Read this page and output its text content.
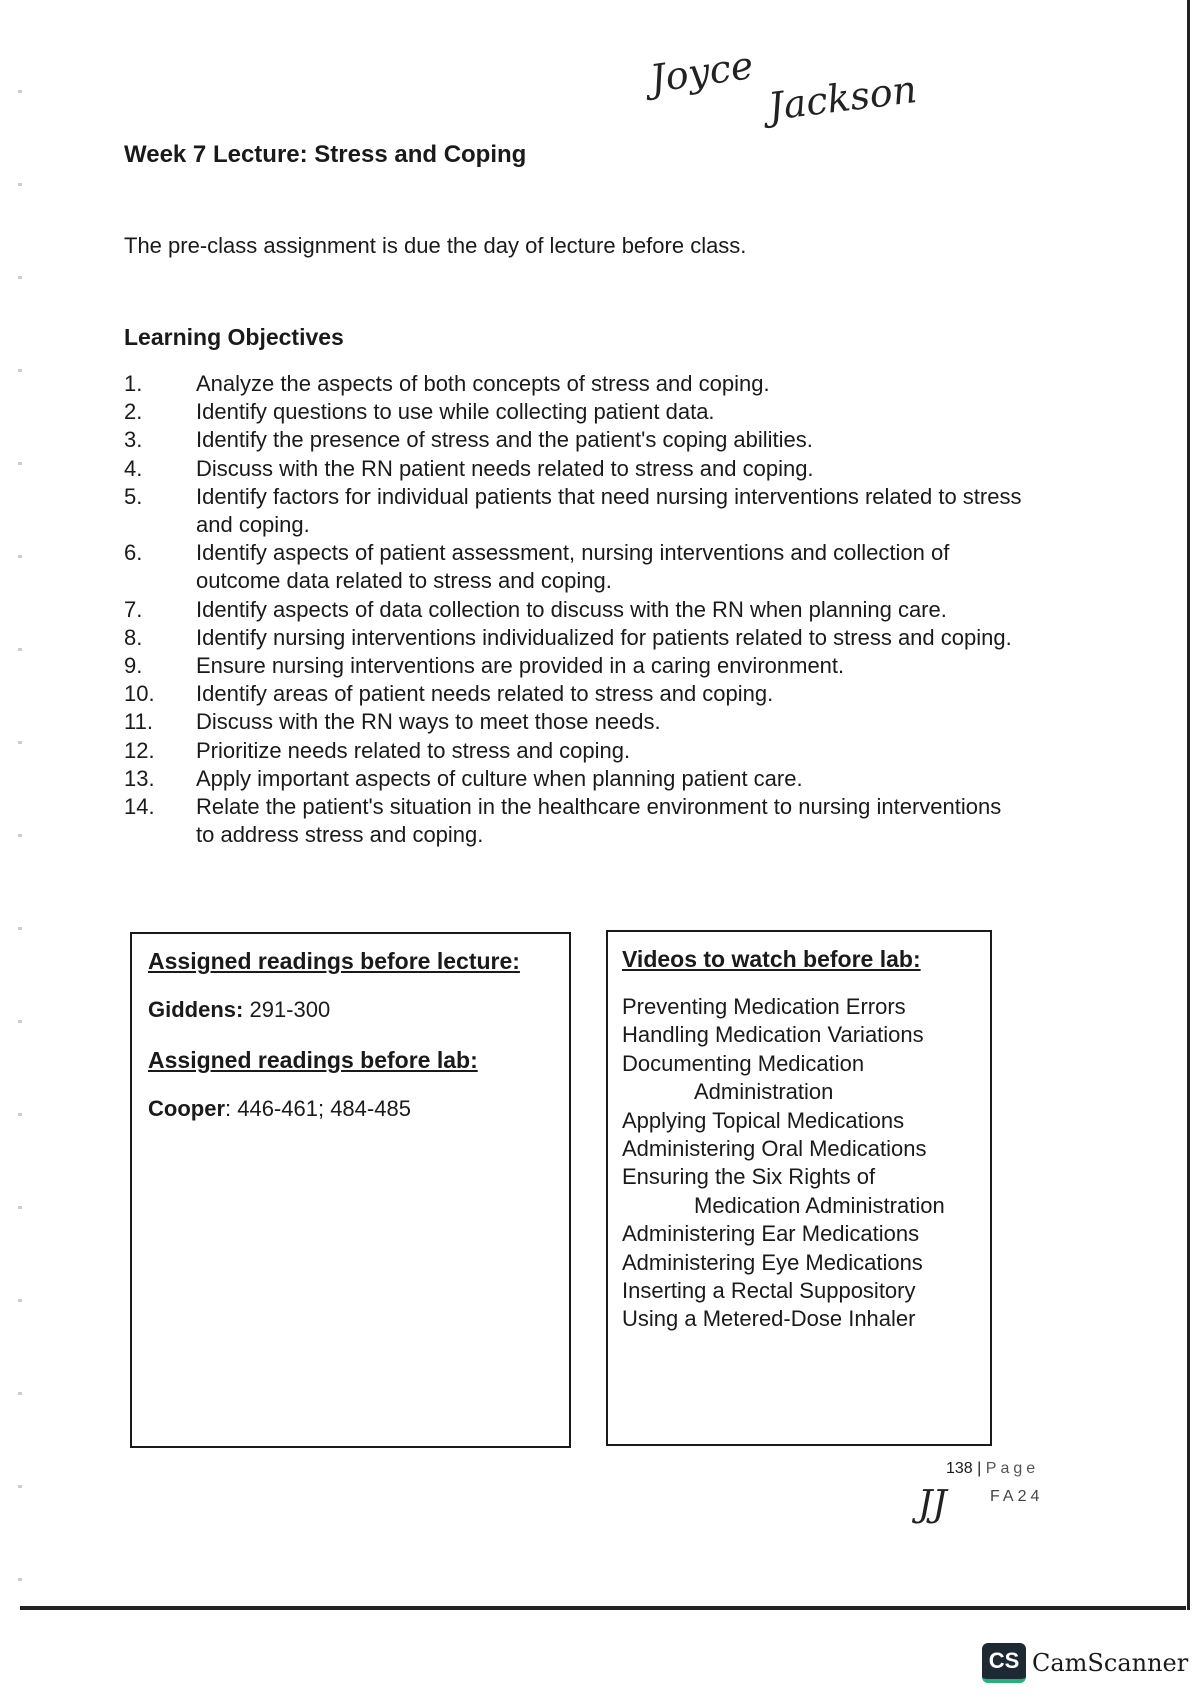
Joyce Jackson
Week 7 Lecture: Stress and Coping
The pre-class assignment is due the day of lecture before class.
Learning Objectives
1.	Analyze the aspects of both concepts of stress and coping.
2.	Identify questions to use while collecting patient data.
3.	Identify the presence of stress and the patient's coping abilities.
4.	Discuss with the RN patient needs related to stress and coping.
5.	Identify factors for individual patients that need nursing interventions related to stress and coping.
6.	Identify aspects of patient assessment, nursing interventions and collection of outcome data related to stress and coping.
7.	Identify aspects of data collection to discuss with the RN when planning care.
8.	Identify nursing interventions individualized for patients related to stress and coping.
9.	Ensure nursing interventions are provided in a caring environment.
10.	Identify areas of patient needs related to stress and coping.
11.	Discuss with the RN ways to meet those needs.
12.	Prioritize needs related to stress and coping.
13.	Apply important aspects of culture when planning patient care.
14.	Relate the patient's situation in the healthcare environment to nursing interventions to address stress and coping.
Assigned readings before lecture:
Giddens: 291-300
Assigned readings before lab:
Cooper: 446-461; 484-485
Videos to watch before lab:
Preventing Medication Errors
Handling Medication Variations
Documenting Medication
Administration
Applying Topical Medications
Administering Oral Medications
Ensuring the Six Rights of
Medication Administration
Administering Ear Medications
Administering Eye Medications
Inserting a Rectal Suppository
Using a Metered-Dose Inhaler
138 | Page
JJ	FA24
CS CamScanner
